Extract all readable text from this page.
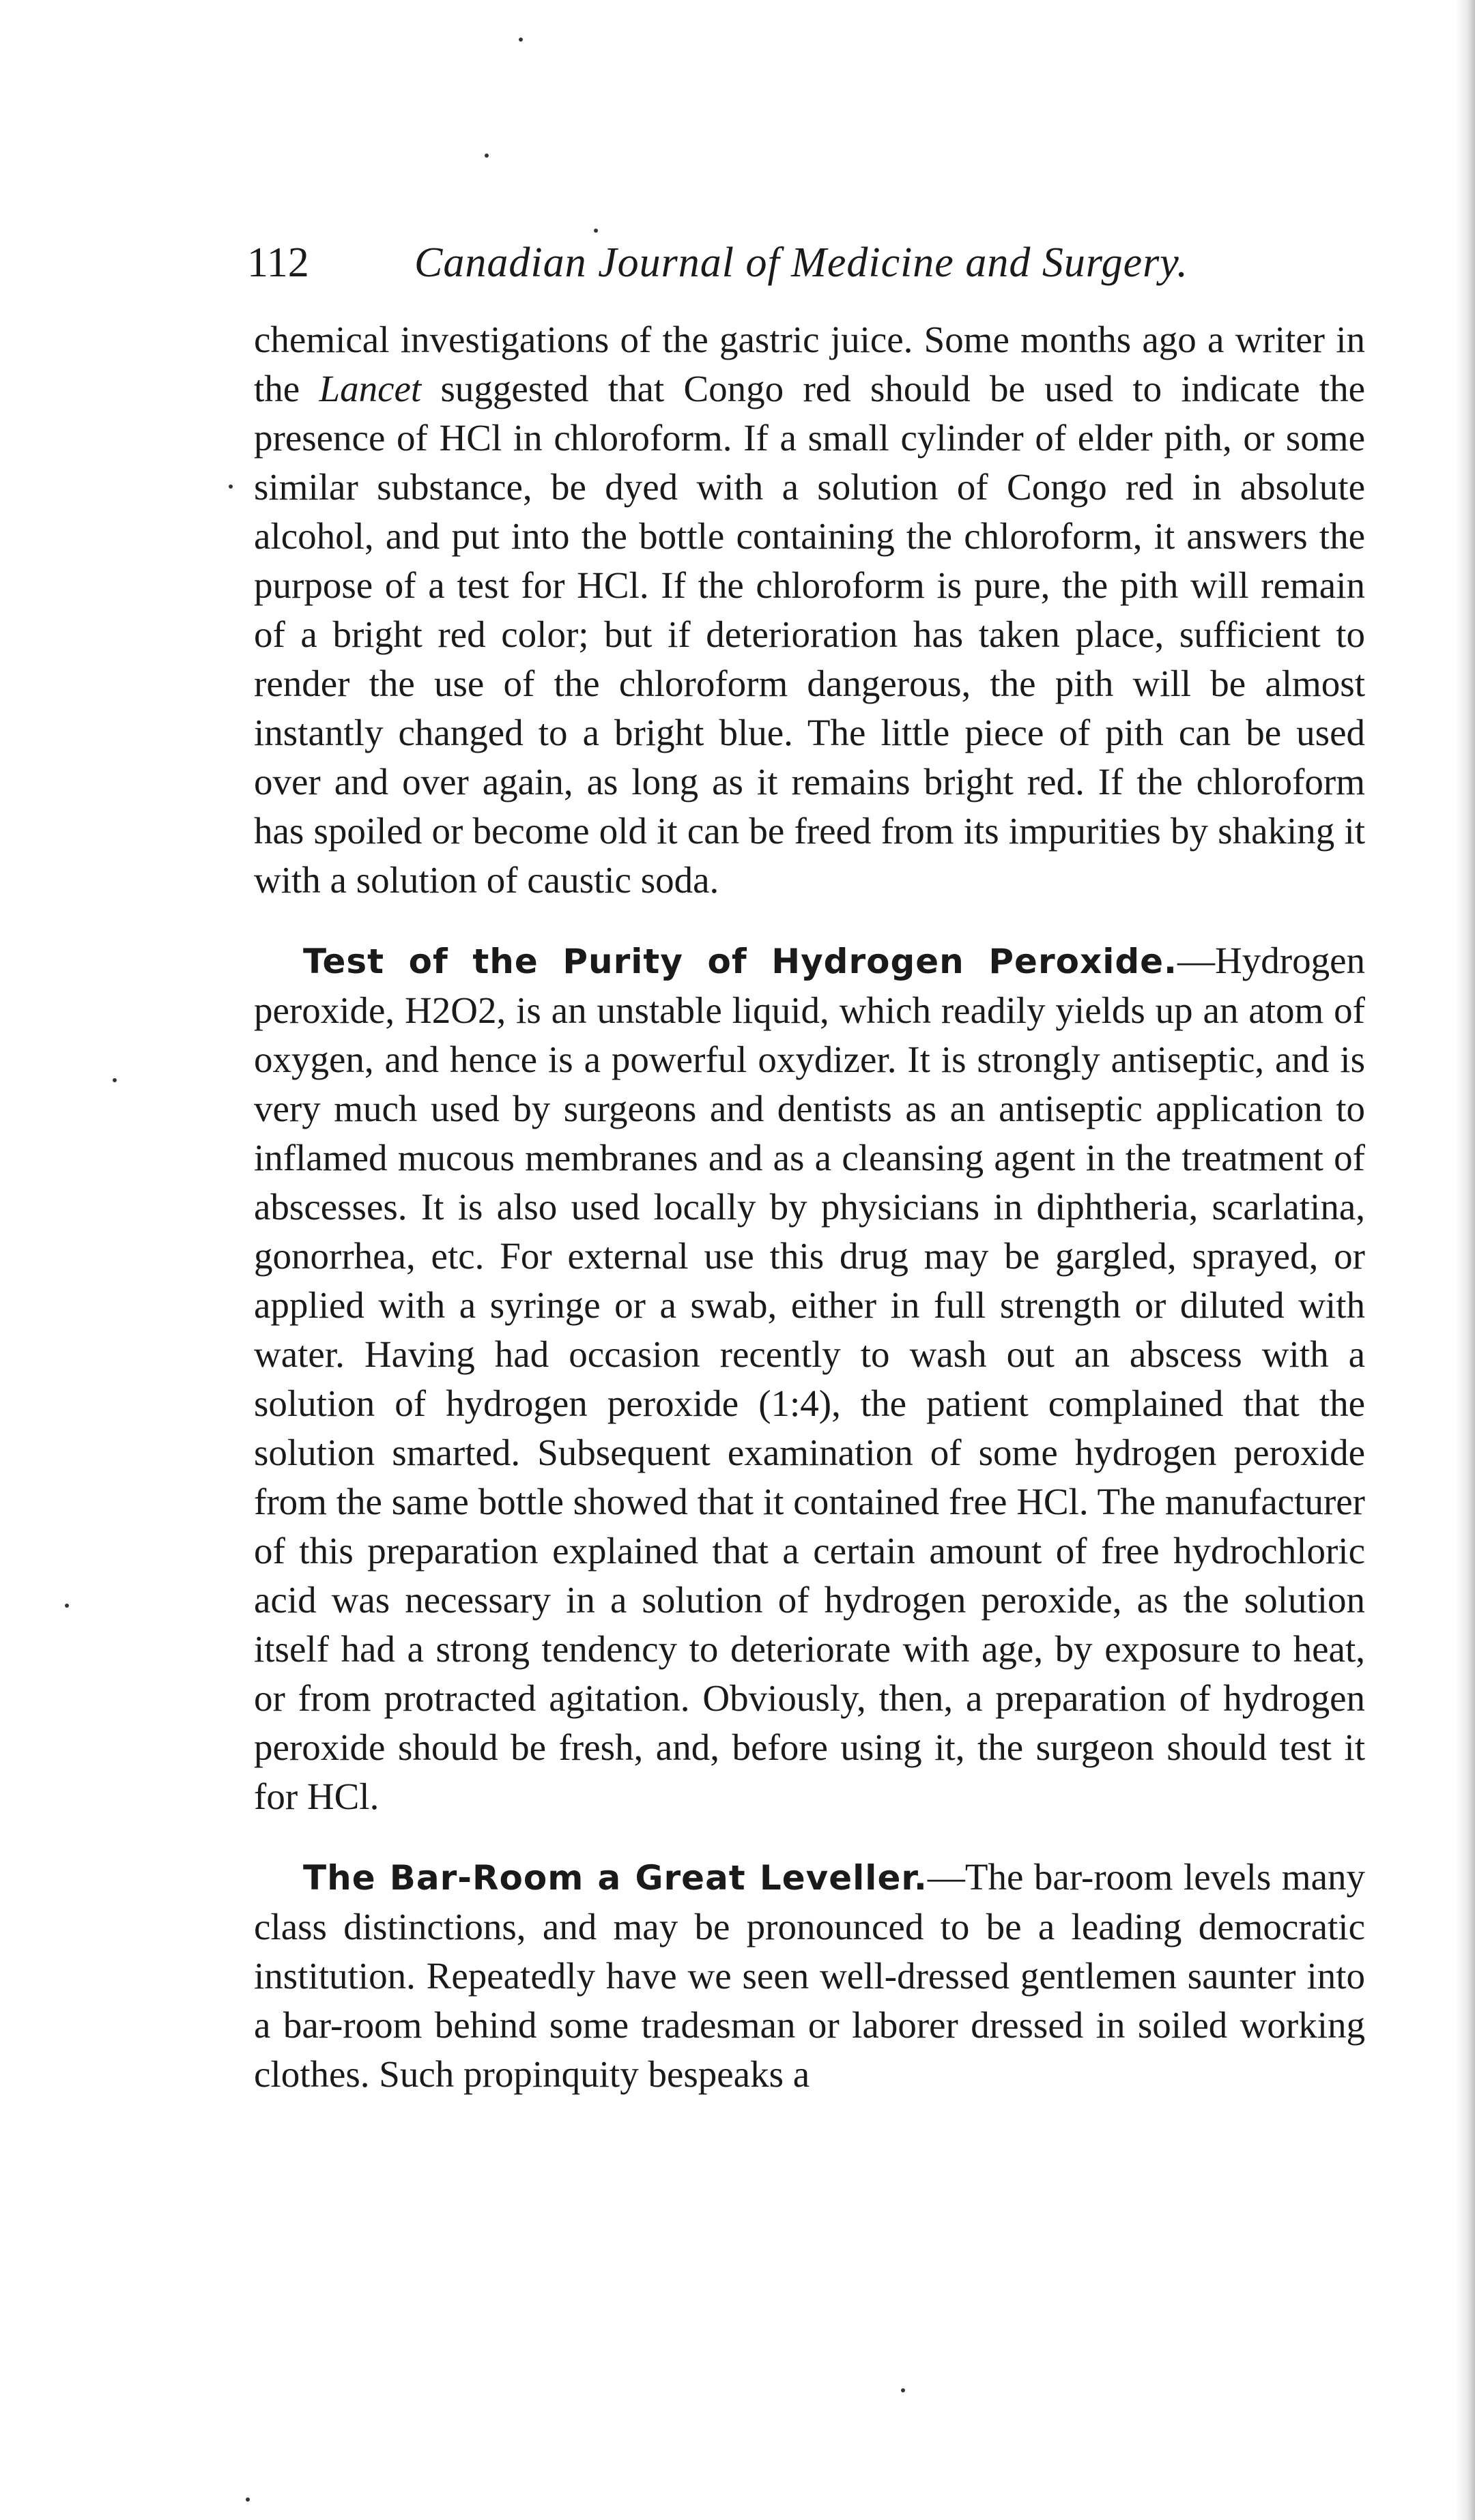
112 Canadian Journal of Medicine and Surgery.

chemical investigations of the gastric juice. Some months ago a writer in the Lancet suggested that Congo red should be used to indicate the presence of HCl in chloroform. If a small cylinder of elder pith, or some similar substance, be dyed with a solution of Congo red in absolute alcohol, and put into the bottle containing the chloroform, it answers the purpose of a test for HCl. If the chloroform is pure, the pith will remain of a bright red color; but if deterioration has taken place, sufficient to render the use of the chloroform dangerous, the pith will be almost instantly changed to a bright blue. The little piece of pith can be used over and over again, as long as it remains bright red. If the chloroform has spoiled or become old it can be freed from its impurities by shaking it with a solution of caustic soda.

Test of the Purity of Hydrogen Peroxide.—Hydrogen peroxide, H2O2, is an unstable liquid, which readily yields up an atom of oxygen, and hence is a powerful oxydizer. It is strongly antiseptic, and is very much used by surgeons and dentists as an antiseptic application to inflamed mucous membranes and as a cleansing agent in the treatment of abscesses. It is also used locally by physicians in diphtheria, scarlatina, gonorrhea, etc. For external use this drug may be gargled, sprayed, or applied with a syringe or a swab, either in full strength or diluted with water. Having had occasion recently to wash out an abscess with a solution of hydrogen peroxide (1:4), the patient complained that the solution smarted. Subsequent examination of some hydrogen peroxide from the same bottle showed that it contained free HCl. The manufacturer of this preparation explained that a certain amount of free hydrochloric acid was necessary in a solution of hydrogen peroxide, as the solution itself had a strong tendency to deteriorate with age, by exposure to heat, or from protracted agitation. Obviously, then, a preparation of hydrogen peroxide should be fresh, and, before using it, the surgeon should test it for HCl.

The Bar-Room a Great Leveller.—The bar-room levels many class distinctions, and may be pronounced to be a leading democratic institution. Repeatedly have we seen well-dressed gentlemen saunter into a bar-room behind some tradesman or laborer dressed in soiled working clothes. Such propinquity bespeaks a
